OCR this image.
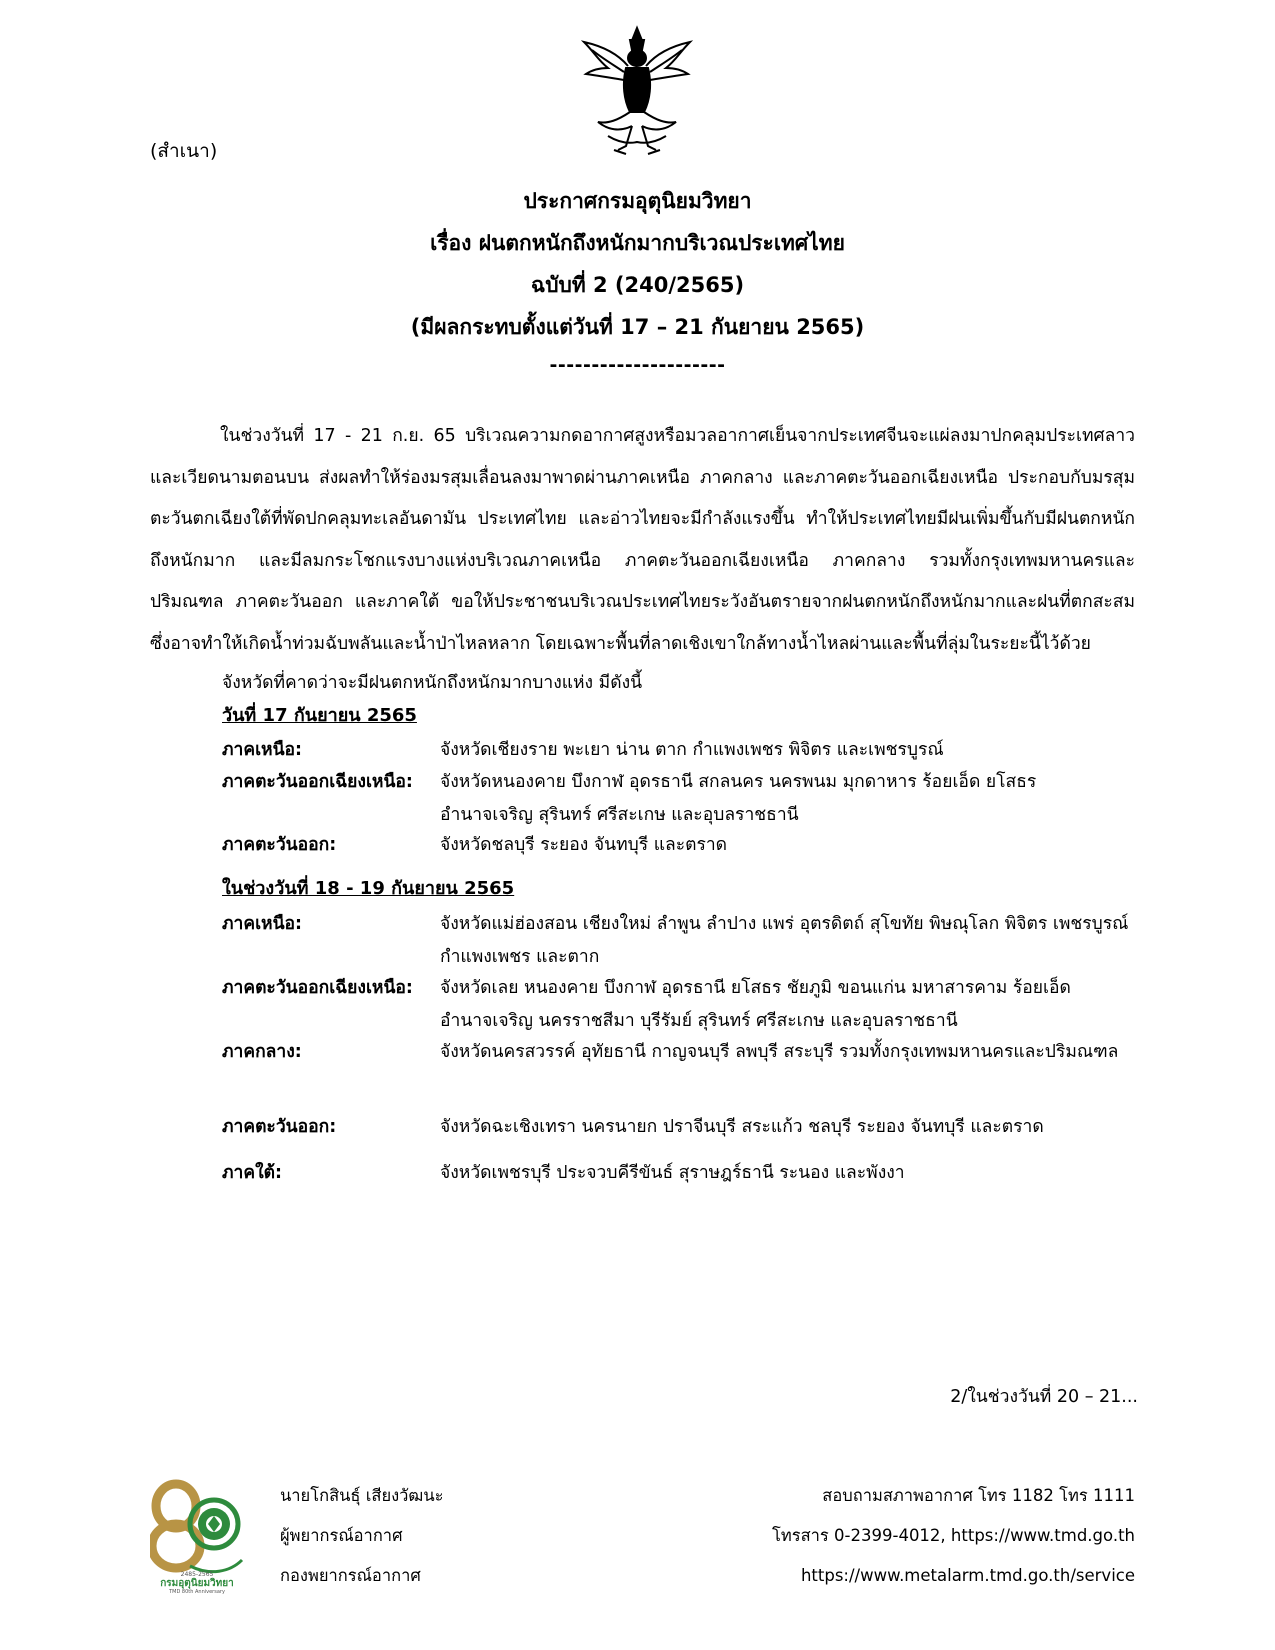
(สำเนา)
ประกาศกรมอุตุนิยมวิทยา
เรื่อง ฝนตกหนักถึงหนักมากบริเวณประเทศไทย
ฉบับที่ 2 (240/2565)
(มีผลกระทบตั้งแต่วันที่ 17 – 21 กันยายน 2565)
---------------------
ในช่วงวันที่ 17 - 21 ก.ย. 65 บริเวณความกดอากาศสูงหรือมวลอากาศเย็นจากประเทศจีนจะแผ่ลงมาปกคลุมประเทศลาวและเวียดนามตอนบน ส่งผลทำให้ร่องมรสุมเลื่อนลงมาพาดผ่านภาคเหนือ ภาคกลาง และภาคตะวันออกเฉียงเหนือ ประกอบกับมรสุมตะวันตกเฉียงใต้ที่พัดปกคลุมทะเลอันดามัน ประเทศไทย และอ่าวไทยจะมีกำลังแรงขึ้น ทำให้ประเทศไทยมีฝนเพิ่มขึ้นกับมีฝนตกหนักถึงหนักมาก และมีลมกระโชกแรงบางแห่งบริเวณภาคเหนือ ภาคตะวันออกเฉียงเหนือ ภาคกลาง รวมทั้งกรุงเทพมหานครและปริมณฑล ภาคตะวันออก และภาคใต้ ขอให้ประชาชนบริเวณประเทศไทยระวังอันตรายจากฝนตกหนักถึงหนักมากและฝนที่ตกสะสมซึ่งอาจทำให้เกิดน้ำท่วมฉับพลันและน้ำป่าไหลหลาก โดยเฉพาะพื้นที่ลาดเชิงเขาใกล้ทางน้ำไหลผ่านและพื้นที่ลุ่มในระยะนี้ไว้ด้วย
จังหวัดที่คาดว่าจะมีฝนตกหนักถึงหนักมากบางแห่ง มีดังนี้
วันที่ 17 กันยายน 2565
ภาคเหนือ:	จังหวัดเชียงราย พะเยา น่าน ตาก กำแพงเพชร พิจิตร และเพชรบูรณ์
ภาคตะวันออกเฉียงเหนือ:	จังหวัดหนองคาย บึงกาฬ อุดรธานี สกลนคร นครพนม มุกดาหาร ร้อยเอ็ด ยโสธร อำนาจเจริญ สุรินทร์ ศรีสะเกษ และอุบลราชธานี
ภาคตะวันออก:	จังหวัดชลบุรี ระยอง จันทบุรี และตราด
ในช่วงวันที่ 18 - 19 กันยายน 2565
ภาคเหนือ:	จังหวัดแม่ฮ่องสอน เชียงใหม่ ลำพูน ลำปาง แพร่ อุตรดิตถ์ สุโขทัย พิษณุโลก พิจิตร เพชรบูรณ์ กำแพงเพชร และตาก
ภาคตะวันออกเฉียงเหนือ:	จังหวัดเลย หนองคาย บึงกาฬ อุดรธานี ยโสธร ชัยภูมิ ขอนแก่น มหาสารคาม ร้อยเอ็ด อำนาจเจริญ นครราชสีมา บุรีรัมย์ สุรินทร์ ศรีสะเกษ และอุบลราชธานี
ภาคกลาง:	จังหวัดนครสวรรค์ อุทัยธานี กาญจนบุรี ลพบุรี สระบุรี รวมทั้งกรุงเทพมหานครและปริมณฑล
ภาคตะวันออก:	จังหวัดฉะเชิงเทรา นครนายก ปราจีนบุรี สระแก้ว ชลบุรี ระยอง จันทบุรี และตราด
ภาคใต้:	จังหวัดเพชรบุรี ประจวบคีรีขันธ์ สุราษฎร์ธานี ระนอง และพังงา
2/ในช่วงวันที่ 20 – 21...
2485-2565
กรมอุตุนิยมวิทยา
TMD 80th Anniversary
นายโกสินธุ์ เสียงวัฒนะ
ผู้พยากรณ์อากาศ
กองพยากรณ์อากาศ
สอบถามสภาพอากาศ โทร 1182 โทร 1111
โทรสาร 0-2399-4012, https://www.tmd.go.th
https://www.metalarm.tmd.go.th/service
